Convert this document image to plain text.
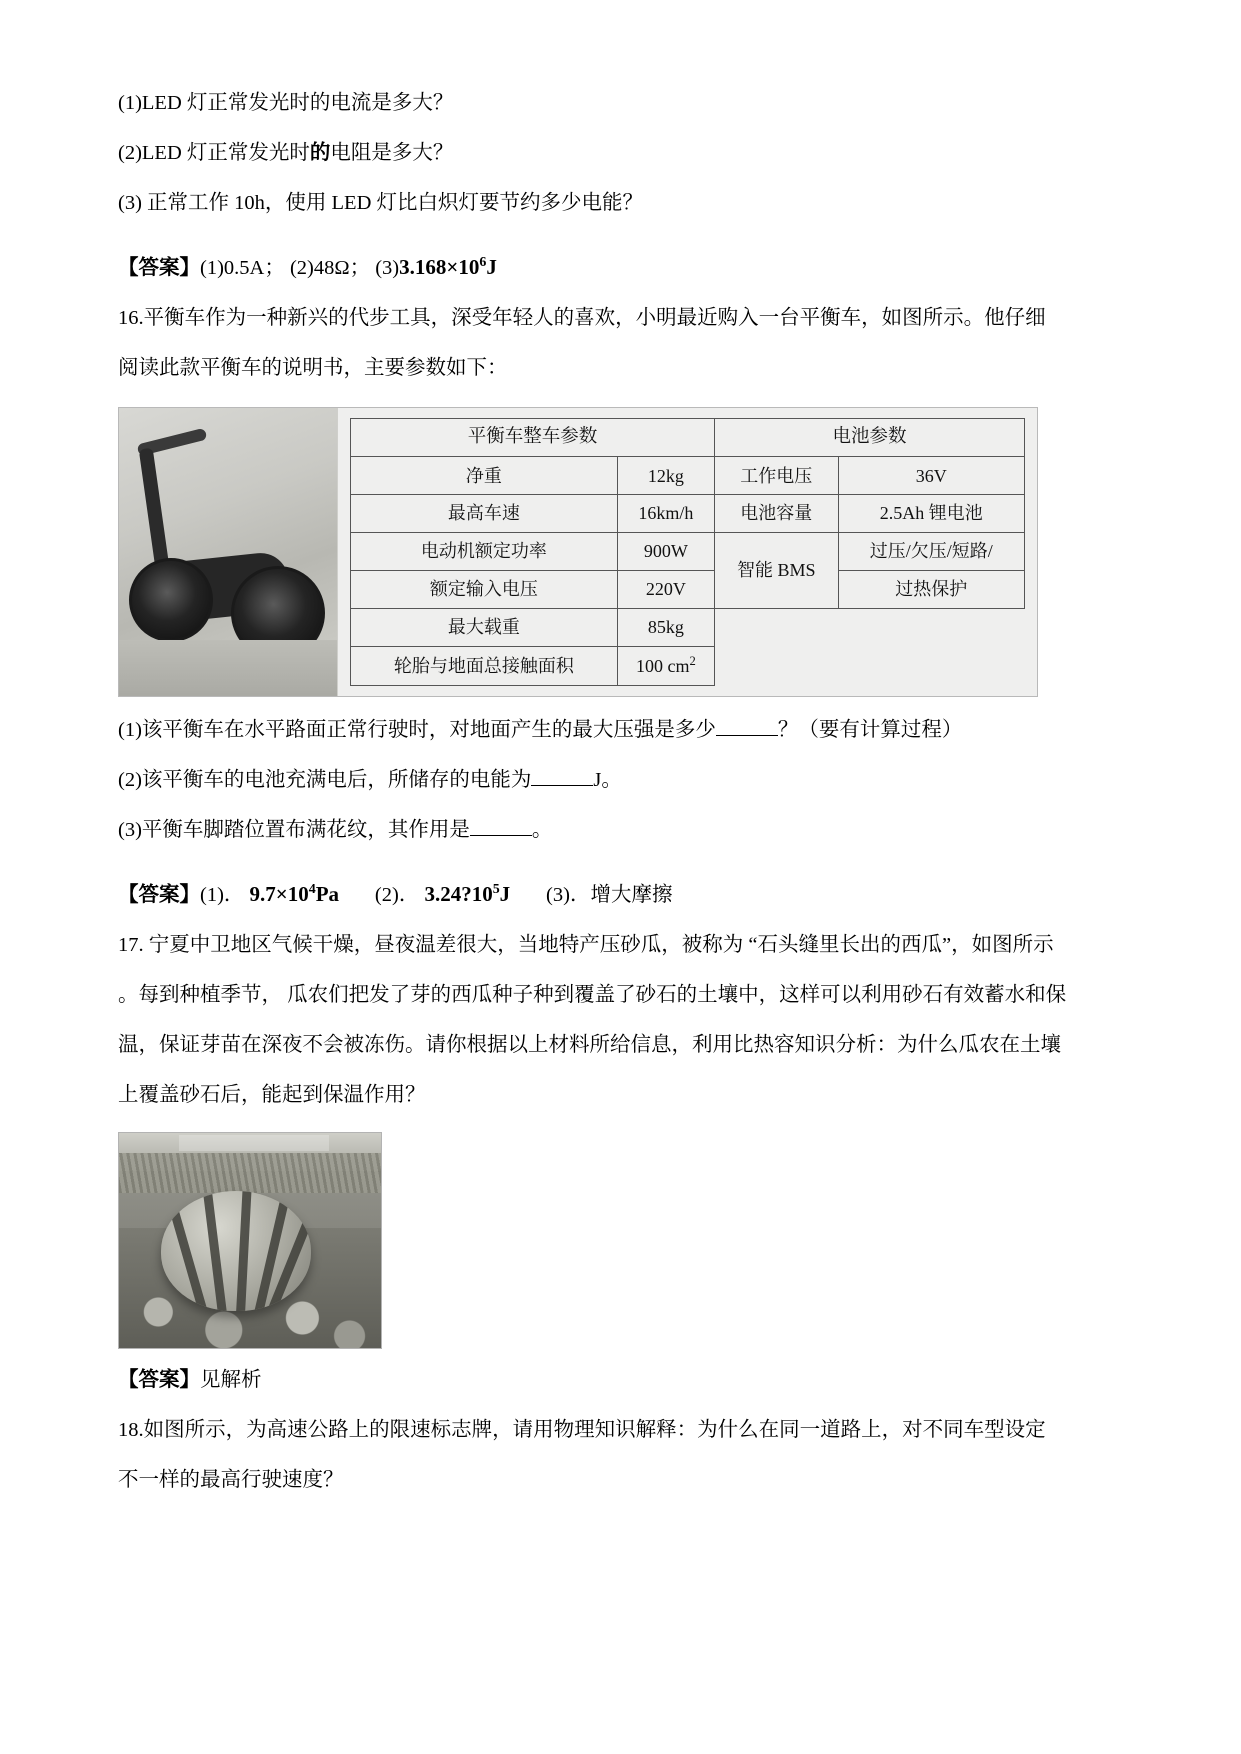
(1)LED 灯正常发光时的电流是多大？

(2)LED 灯正常发光时的电阻是多大？

(3) 正常工作 10h，使用 LED 灯比白炽灯要节约多少电能？

【答案】(1)0.5A； (2)48Ω； $(3)3.168\times 10^6J$

16.平衡车作为一种新兴的代步工具，深受年轻人的喜欢，小明最近购入一台平衡车，如图所示。他仔细

阅读此款平衡车的说明书，主要参数如下：

平衡车整车参数		电池参数	
净重	12kg	工作电压	36V
最高车速	16km/h	电池容量	2.5Ah 锂电池
电动机额定功率	900W	智能 BMS	过压/欠压/短路/
额定输入电压	220V		过热保护
最大载重	85kg		
轮胎与地面总接触面积	100 $cm^2$	

(1)该平衡车在水平路面正常行驶时，对地面产生的最大压强是多少	？（要有计算过程）

(2)该平衡车的电池充满电后，所储存的电能为	J。

(3)平衡车脚踏位置布满花纹，其作用是	。

【答案】(1)． $9.7\times 10^4Pa$ (2)． $3.24?10^5J$ (3)．增大摩擦

17. 宁夏中卫地区气候干燥，昼夜温差很大，当地特产压砂瓜，被称为 “石头缝里长出的西瓜”，如图所示

。每到种植季节， 瓜农们把发了芽的西瓜种子种到覆盖了砂石的土壤中，这样可以利用砂石有效蓄水和保

温，保证芽苗在深夜不会被冻伤。请你根据以上材料所给信息，利用比热容知识分析：为什么瓜农在土壤

上覆盖砂石后，能起到保温作用？

【答案】见解析

18.如图所示，为高速公路上的限速标志牌，请用物理知识解释：为什么在同一道路上，对不同车型设定

不一样的最高行驶速度？
